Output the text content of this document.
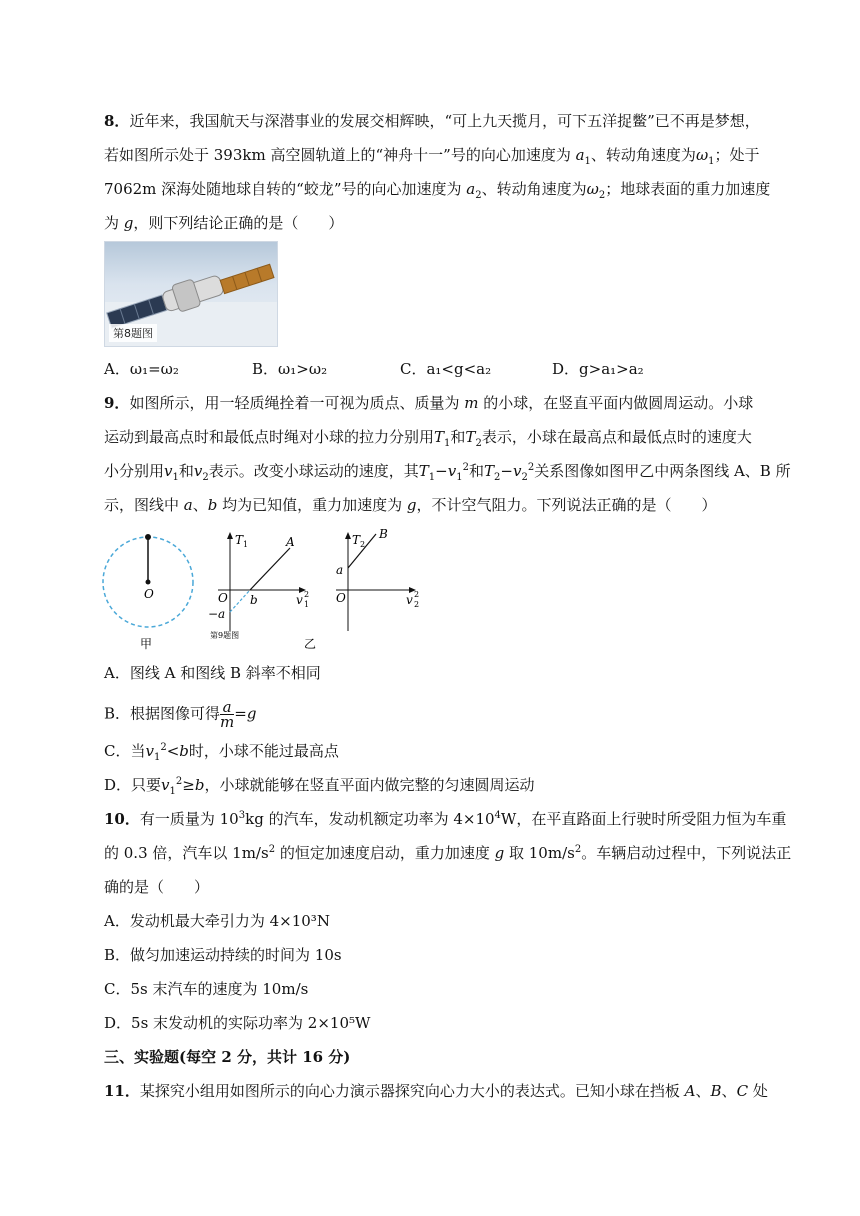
8．近年来，我国航天与深潜事业的发展交相辉映，“可上九天揽月，可下五洋捉鳖”已不再是梦想，
若如图所示处于 393km 高空圆轨道上的“神舟十一”号的向心加速度为 $a_1$、转动角速度为$\omega_1$；处于
7062m 深海处随地球自转的“蛟龙”号的向心加速度为 $a_2$、转动角速度为$\omega_2$；地球表面的重力加速度
为 g，则下列结论正确的是（　　）
第8题图
A．ω₁=ω₂	B．ω₁>ω₂	C．a₁<g<a₂	D．g>a₁>a₂
9．如图所示，用一轻质绳拴着一可视为质点、质量为 m 的小球，在竖直平面内做圆周运动。小球
运动到最高点时和最低点时绳对小球的拉力分别用$T_1$和$T_2$表示，小球在最高点和最低点时的速度大
小分别用$v_1$和$v_2$表示。改变小球运动的速度，其$T_1-v_1^2$和$T_2-v_2^2$关系图像如图甲乙中两条图线 A、B 所
示，图线中 a、b 均为已知值，重力加速度为 g，不计空气阻力。下列说法正确的是（　　）
O
甲
T 1	A
O
−a
b	v 1
2
第9题图
乙
T 2
B
a
O	v 2
2
A．图线 A 和图线 B 斜率不相同
B．根据图像可得 $\frac{a}{m} =g$
C．当$v_1^2<b$时，小球不能过最高点
D．只要$v_1^2\ge b$，小球就能够在竖直平面内做完整的匀速圆周运动
10．有一质量为 $10^3kg$ 的汽车，发动机额定功率为 $4\times 10^4W$，在平直路面上行驶时所受阻力恒为车重
的 0.3 倍，汽车以 $1m/s^2$ 的恒定加速度启动，重力加速度 g 取 $10m/s^2$。车辆启动过程中，下列说法正
确的是（　　）
A．发动机最大牵引力为 4×10³N
B．做匀加速运动持续的时间为 10s
C．5s 末汽车的速度为 10m/s
D．5s 末发动机的实际功率为 2×10⁵W
三、实验题(每空 2 分，共计 16 分)
11．某探究小组用如图所示的向心力演示器探究向心力大小的表达式。已知小球在挡板 A、B、C 处
